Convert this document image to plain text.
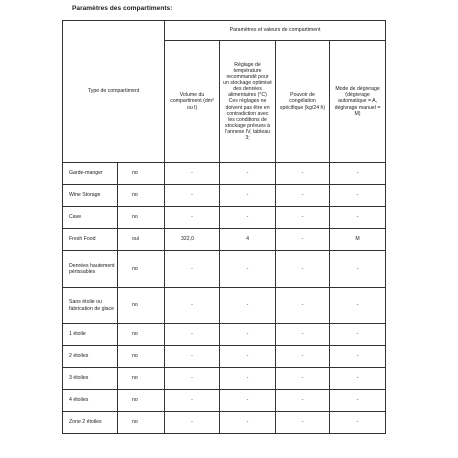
Paramètres des compartiments:
Type de compartiment		Paramètres et valeurs de compartiment			
		Volume du compartiment (dm³ ou l)	Réglage de température recommandé pour un stockage optimisé des denrées alimentaires (°C) Ces réglages ne doivent pas être en contradiction avec les conditions de stockage prévues à l'annexe IV, tableau 3;	Pouvoir de congélation spécifique (kg/24 h)	Mode de dégivrage (dégivrage automatique = A, dégivrage manuel = M)
Garde-manger	no	-	-	-	-
Wine Storage	no	-	-	-	-
Cave	no	-	-	-	-
Fresh Food	oui	322,0	4	-	M
Denrées hautement périssables	no	-	-	-	-
Sans étoile ou fabrication de glace	no	-	-	-	-
1 étoile	no	-	-	-	-
2 étoiles	no	-	-	-	-
3 étoiles	no	-	-	-	-
4 étoiles	no	-	-	-	-
Zone 2 étoiles	no	-	-	-	-
